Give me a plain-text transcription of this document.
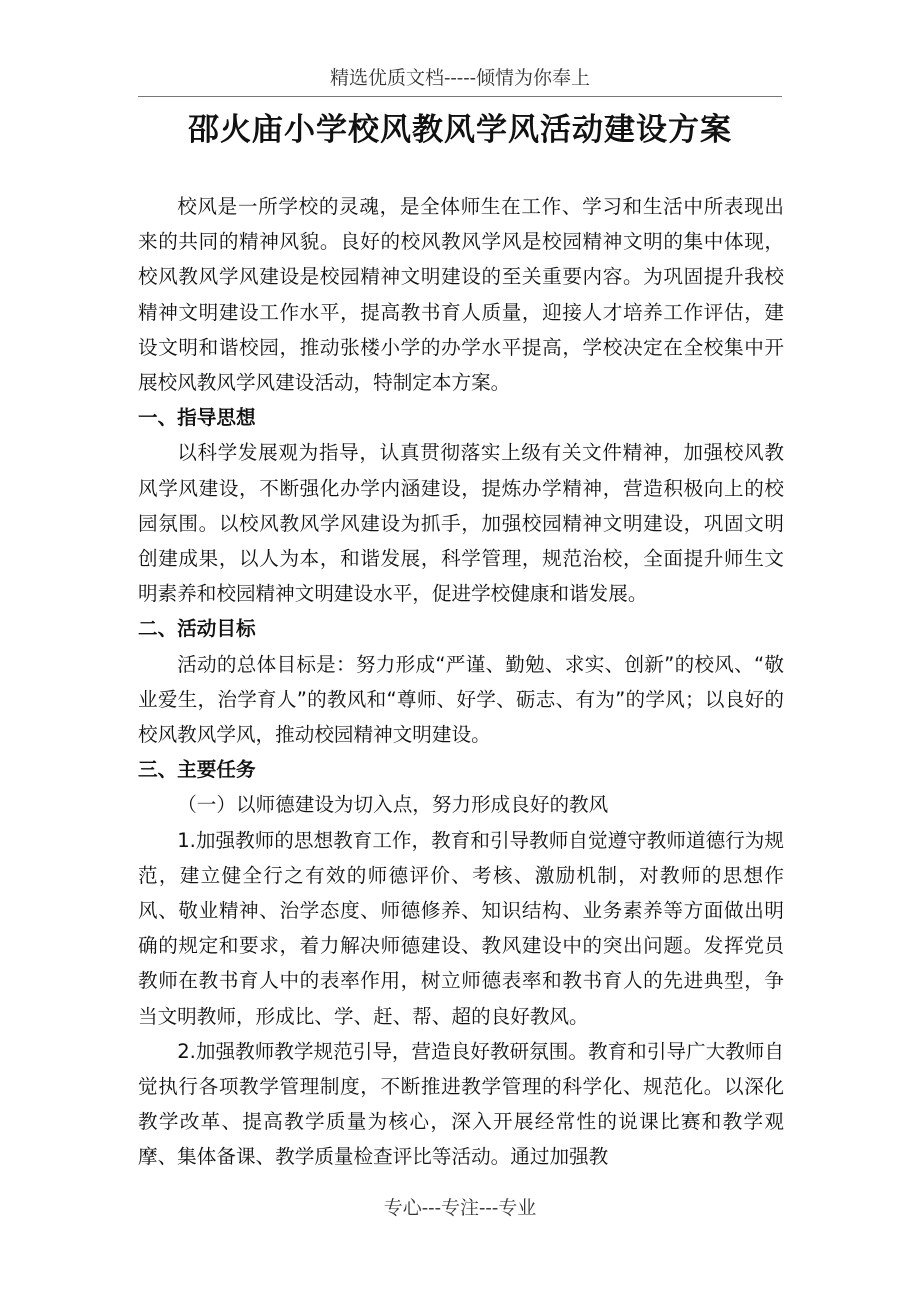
精选优质文档-----倾情为你奉上
邵火庙小学校风教风学风活动建设方案

校风是一所学校的灵魂，是全体师生在工作、学习和生活中所表现出来的共同的精神风貌。良好的校风教风学风是校园精神文明的集中体现，校风教风学风建设是校园精神文明建设的至关重要内容。为巩固提升我校精神文明建设工作水平，提高教书育人质量，迎接人才培养工作评估，建设文明和谐校园，推动张楼小学的办学水平提高，学校决定在全校集中开展校风教风学风建设活动，特制定本方案。

一、指导思想

以科学发展观为指导，认真贯彻落实上级有关文件精神，加强校风教风学风建设，不断强化办学内涵建设，提炼办学精神，营造积极向上的校园氛围。以校风教风学风建设为抓手，加强校园精神文明建设，巩固文明创建成果，以人为本，和谐发展，科学管理，规范治校，全面提升师生文明素养和校园精神文明建设水平，促进学校健康和谐发展。

二、活动目标

活动的总体目标是：努力形成“严谨、勤勉、求实、创新”的校风、“敬业爱生，治学育人”的教风和“尊师、好学、砺志、有为”的学风；以良好的校风教风学风，推动校园精神文明建设。

三、主要任务

（一）以师德建设为切入点，努力形成良好的教风

1.加强教师的思想教育工作，教育和引导教师自觉遵守教师道德行为规范，建立健全行之有效的师德评价、考核、激励机制，对教师的思想作风、敬业精神、治学态度、师德修养、知识结构、业务素养等方面做出明确的规定和要求，着力解决师德建设、教风建设中的突出问题。发挥党员教师在教书育人中的表率作用，树立师德表率和教书育人的先进典型，争当文明教师，形成比、学、赶、帮、超的良好教风。

2.加强教师教学规范引导，营造良好教研氛围。教育和引导广大教师自觉执行各项教学管理制度，不断推进教学管理的科学化、规范化。以深化教学改革、提高教学质量为核心，深入开展经常性的说课比赛和教学观摩、集体备课、教学质量检查评比等活动。通过加强教

专心---专注---专业
